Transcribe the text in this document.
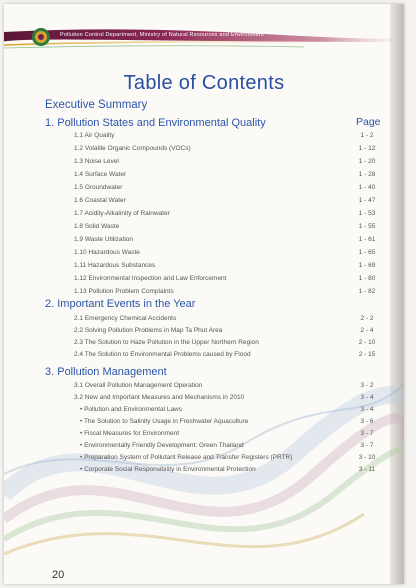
Pollution Control Department, Ministry of Natural Resources and Environment
Table of Contents
Executive Summary
Page
1. Pollution States and Environmental Quality
1.1 Air Quality	1 - 2
1.2 Volatile Organic Compounds (VOCs)	1 - 12
1.3 Noise Level	1 - 20
1.4 Surface Water	1 - 28
1.5 Groundwater	1 - 40
1.6 Coastal Water	1 - 47
1.7 Acidity-Alkalinity of Rainwater	1 - 53
1.8 Solid Waste	1 - 55
1.9 Waste Utilization	1 - 61
1.10 Hazardous Waste	1 - 65
1.11 Hazardous Substances	1 - 69
1.12 Environmental Inspection and Law Enforcement	1 - 80
1.13 Pollution Problem Complaints	1 - 82
2. Important Events in the Year
2.1 Emergency Chemical Accidents	2 - 2
2.2 Solving Pollution Problems in Map Ta Phut Area	2 - 4
2.3 The Solution to Haze Pollution in the Upper Northern Region	2 - 10
2.4 The Solution to Environmental Problems caused by Flood	2 - 15
3. Pollution Management
3.1 Overall Pollution Management Operation	3 - 2
3.2 New and Important Measures and Mechanisms in 2010	3 - 4
• Pollution and Environmental Laws	3 - 4
• The Solution to Salinity Usage in Freshwater Aquaculture	3 - 6
• Fiscal Measures for Environment	3 - 7
• Environmentally Friendly Development: Green Thailand	3 - 7
• Preparation System of Pollutant Release and Transfer Registers (PRTR)	3 - 10
• Corporate Social Responsibility in Environmental Protection	3 - 11
20
